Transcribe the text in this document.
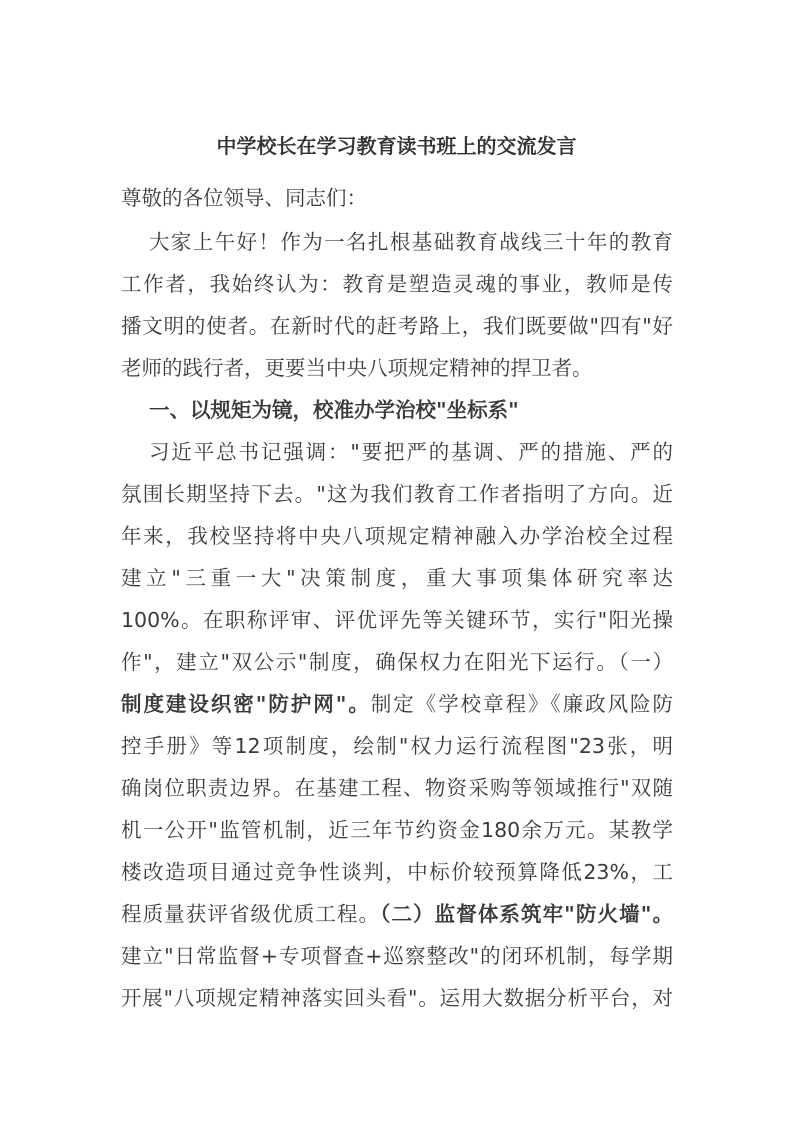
中学校长在学习教育读书班上的交流发言
尊敬的各位领导、同志们：
大家上午好！作为一名扎根基础教育战线三十年的教育
工作者，我始终认为：教育是塑造灵魂的事业，教师是传
播文明的使者。在新时代的赶考路上，我们既要做"四有"好
老师的践行者，更要当中央八项规定精神的捍卫者。
一、以规矩为镜，校准办学治校"坐标系"
习近平总书记强调："要把严的基调、严的措施、严的
氛围长期坚持下去。"这为我们教育工作者指明了方向。近
年来，我校坚持将中央八项规定精神融入办学治校全过程
建立"三重一大"决策制度，重大事项集体研究率达
100%。在职称评审、评优评先等关键环节，实行"阳光操
作"，建立"双公示"制度，确保权力在阳光下运行。（一）
制度建设织密"防护网"。制定《学校章程》《廉政风险防
控手册》等12项制度，绘制"权力运行流程图"23张，明
确岗位职责边界。在基建工程、物资采购等领域推行"双随
机一公开"监管机制，近三年节约资金180余万元。某教学
楼改造项目通过竞争性谈判，中标价较预算降低23%，工
程质量获评省级优质工程。（二）监督体系筑牢"防火墙"。
建立"日常监督+专项督查+巡察整改"的闭环机制，每学期
开展"八项规定精神落实回头看"。运用大数据分析平台，对
